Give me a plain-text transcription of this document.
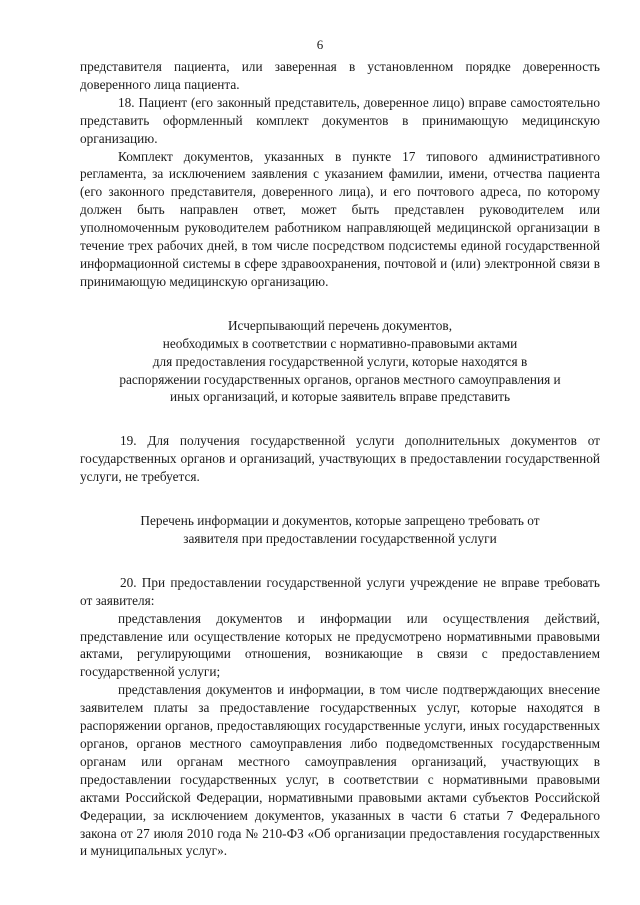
6

представителя пациента, или заверенная в установленном порядке доверенность доверенного лица пациента.

18. Пациент (его законный представитель, доверенное лицо) вправе самостоятельно представить оформленный комплект документов в принимающую медицинскую организацию.

Комплект документов, указанных в пункте 17 типового административного регламента, за исключением заявления с указанием фамилии, имени, отчества пациента (его законного представителя, доверенного лица), и его почтового адреса, по которому должен быть направлен ответ, может быть представлен руководителем или уполномоченным руководителем работником направляющей медицинской организации в течение трех рабочих дней, в том числе посредством подсистемы единой государственной информационной системы в сфере здравоохранения, почтовой и (или) электронной связи в принимающую медицинскую организацию.

Исчерпывающий перечень документов,
необходимых в соответствии с нормативно-правовыми актами
для предоставления государственной услуги, которые находятся в
распоряжении государственных органов, органов местного самоуправления и
иных организаций, и которые заявитель вправе представить

19. Для получения государственной услуги дополнительных документов от государственных органов и организаций, участвующих в предоставлении государственной услуги, не требуется.

Перечень информации и документов, которые запрещено требовать от
заявителя при предоставлении государственной услуги

20. При предоставлении государственной услуги учреждение не вправе требовать от заявителя:

представления документов и информации или осуществления действий, представление или осуществление которых не предусмотрено нормативными правовыми актами, регулирующими отношения, возникающие в связи с предоставлением государственной услуги;

представления документов и информации, в том числе подтверждающих внесение заявителем платы за предоставление государственных услуг, которые находятся в распоряжении органов, предоставляющих государственные услуги, иных государственных органов, органов местного самоуправления либо подведомственных государственным органам или органам местного самоуправления организаций, участвующих в предоставлении государственных услуг, в соответствии с нормативными правовыми актами Российской Федерации, нормативными правовыми актами субъектов Российской Федерации, за исключением документов, указанных в части 6 статьи 7 Федерального закона от 27 июля 2010 года № 210-ФЗ «Об организации предоставления государственных и муниципальных услуг».
